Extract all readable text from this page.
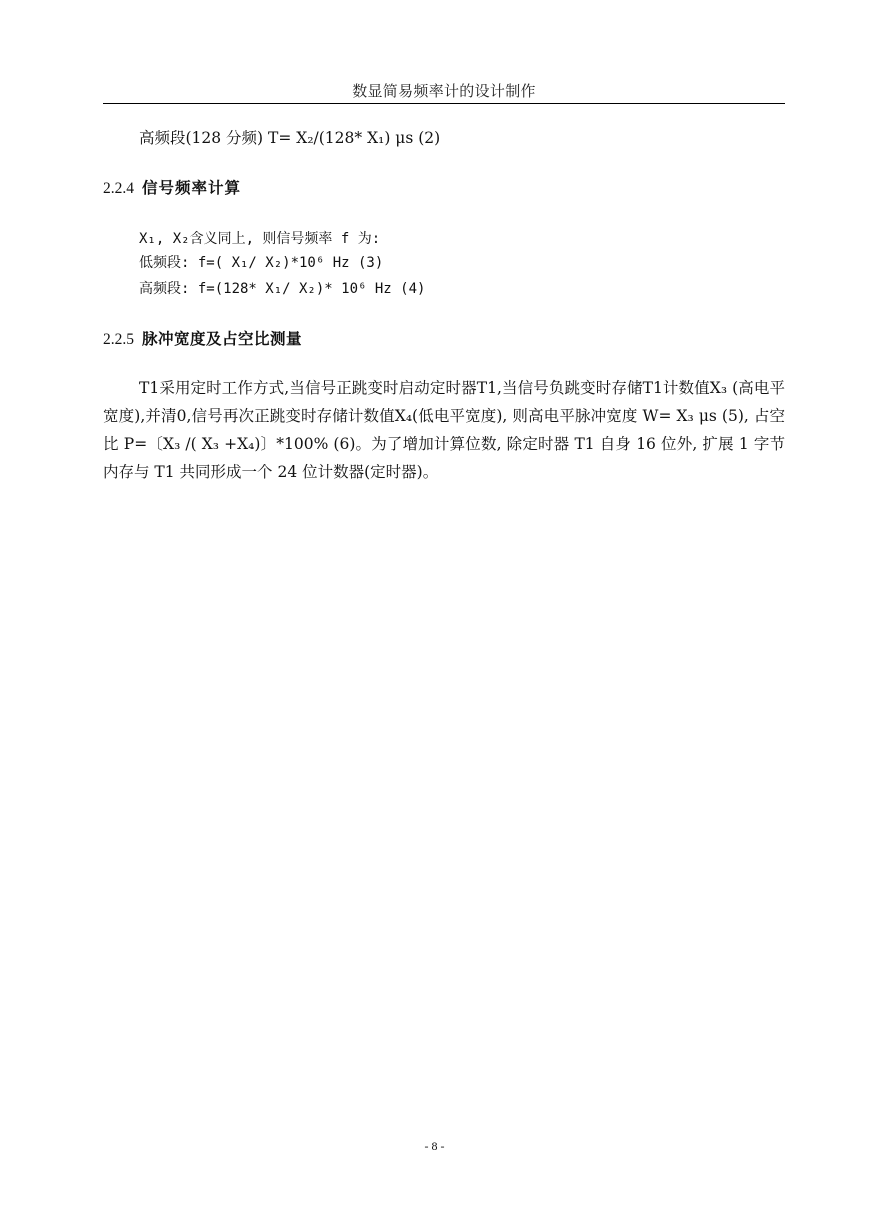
数显简易频率计的设计制作
高频段(128 分频) T= X₂/(128* X₁) μs (2)
2.2.4 信号频率计算
X₁, X₂含义同上, 则信号频率 f 为:
低频段: f=( X₁/ X₂)*10⁶ Hz (3)
高频段: f=(128* X₁/ X₂)* 10⁶ Hz (4)
2.2.5 脉冲宽度及占空比测量

T1采用定时工作方式,当信号正跳变时启动定时器T1,当信号负跳变时存储T1计数值X₃ (高电平宽度),并清0,信号再次正跳变时存储计数值X₄(低电平宽度), 则高电平脉冲宽度 W= X₃ μs (5), 占空比 P=〔X₃ /( X₃ +X₄)〕*100% (6)。为了增加计算位数, 除定时器 T1 自身 16 位外, 扩展 1 字节内存与 T1 共同形成一个 24 位计数器(定时器)。

- 8 -
